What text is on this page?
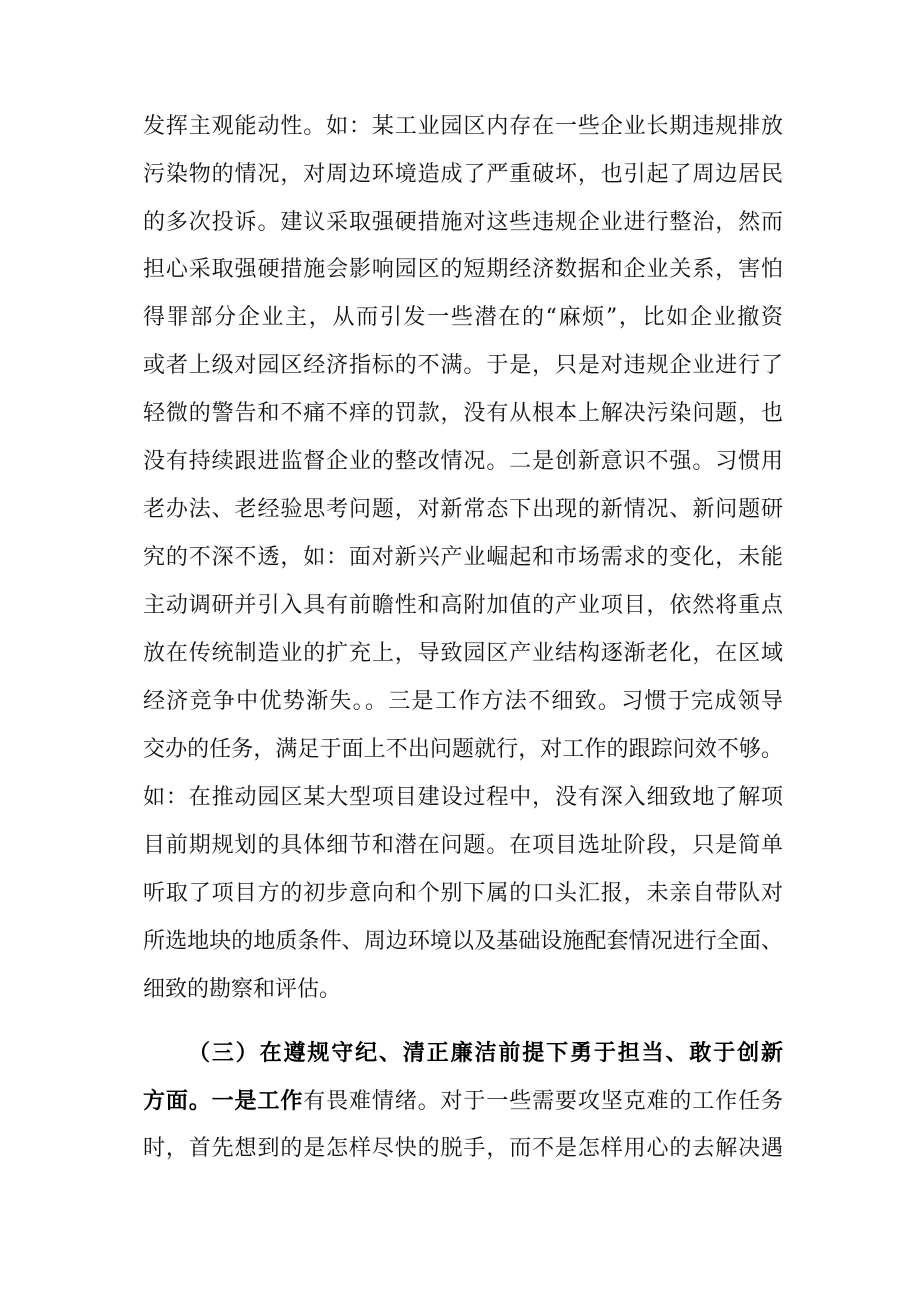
发挥主观能动性。如：某工业园区内存在一些企业长期违规排放
污染物的情况，对周边环境造成了严重破坏，也引起了周边居民
的多次投诉。建议采取强硬措施对这些违规企业进行整治，然而
担心采取强硬措施会影响园区的短期经济数据和企业关系，害怕
得罪部分企业主，从而引发一些潜在的“麻烦”，比如企业撤资
或者上级对园区经济指标的不满。于是，只是对违规企业进行了
轻微的警告和不痛不痒的罚款，没有从根本上解决污染问题，也
没有持续跟进监督企业的整改情况。二是创新意识不强。习惯用
老办法、老经验思考问题，对新常态下出现的新情况、新问题研
究的不深不透，如：面对新兴产业崛起和市场需求的变化，未能
主动调研并引入具有前瞻性和高附加值的产业项目，依然将重点
放在传统制造业的扩充上，导致园区产业结构逐渐老化，在区域
经济竞争中优势渐失。。三是工作方法不细致。习惯于完成领导
交办的任务，满足于面上不出问题就行，对工作的跟踪问效不够。
如：在推动园区某大型项目建设过程中，没有深入细致地了解项
目前期规划的具体细节和潜在问题。在项目选址阶段，只是简单
听取了项目方的初步意向和个别下属的口头汇报，未亲自带队对
所选地块的地质条件、周边环境以及基础设施配套情况进行全面、
细致的勘察和评估。
（三）在遵规守纪、清正廉洁前提下勇于担当、敢于创新
方面。一是工作有畏难情绪。对于一些需要攻坚克难的工作任务
时，首先想到的是怎样尽快的脱手，而不是怎样用心的去解决遇
